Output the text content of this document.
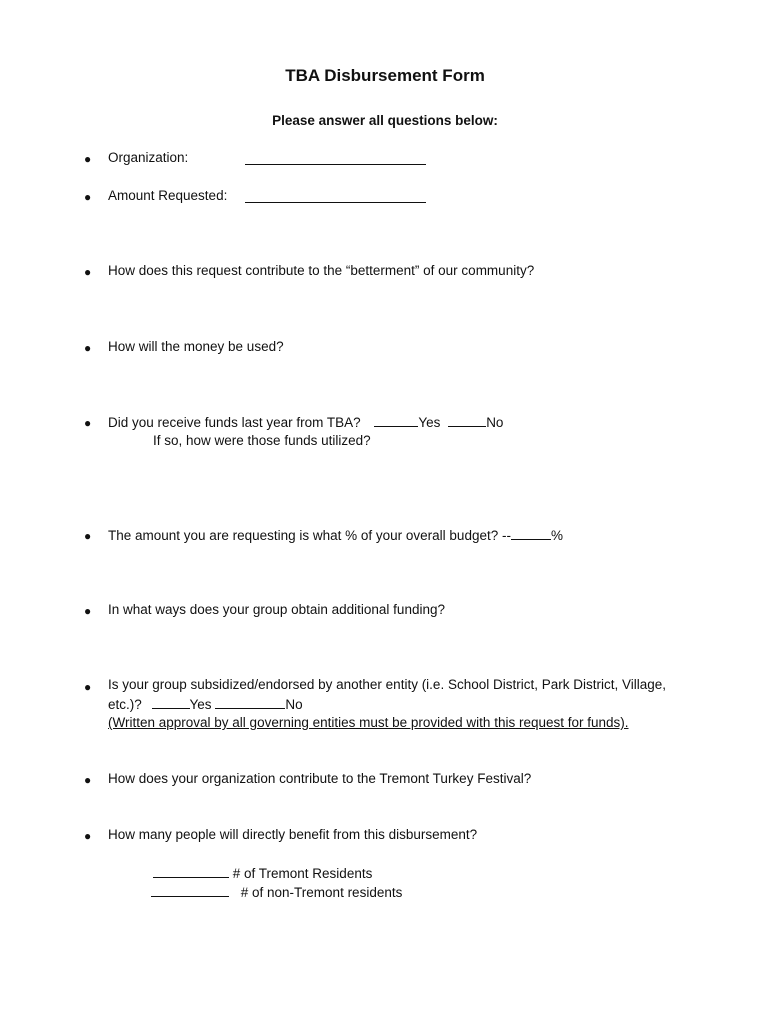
TBA Disbursement Form
Please answer all questions below:
● Organization:
● Amount Requested:
● How does this request contribute to the “betterment” of our community?
● How will the money be used?
● Did you receive funds last year from TBA?	Yes	No
If so, how were those funds utilized?
● The amount you are requesting is what % of your overall budget? --	%
● In what ways does your group obtain additional funding?
● Is your group subsidized/endorsed by another entity (i.e. School District, Park District, Village,
etc.)?	Yes	No
(Written approval by all governing entities must be provided with this request for funds).
● How does your organization contribute to the Tremont Turkey Festival?
● How many people will directly benefit from this disbursement?
# of Tremont Residents
# of non-Tremont residents
